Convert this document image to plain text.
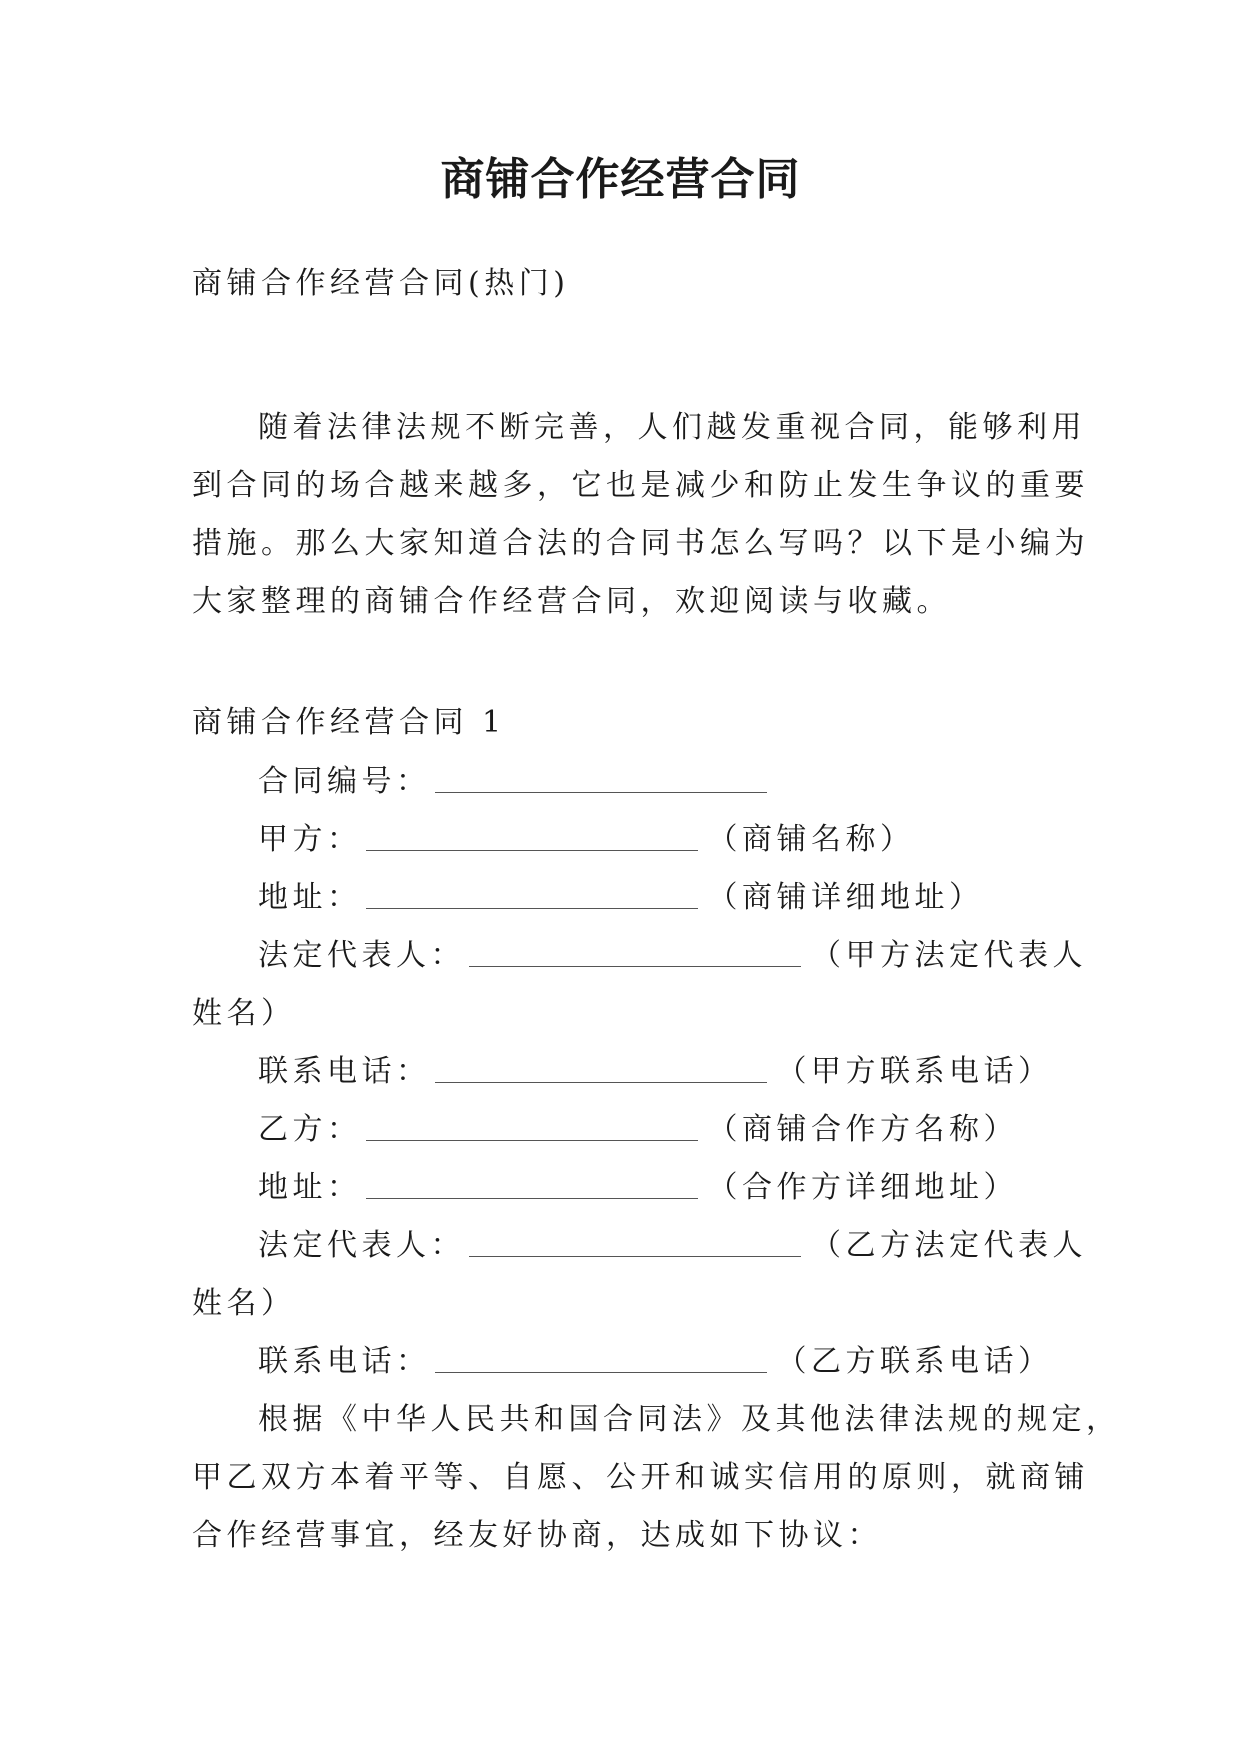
商铺合作经营合同
商铺合作经营合同(热门)
随着法律法规不断完善，人们越发重视合同，能够利用
到合同的场合越来越多，它也是减少和防止发生争议的重要
措施。那么大家知道合法的合同书怎么写吗？以下是小编为
大家整理的商铺合作经营合同，欢迎阅读与收藏。
商铺合作经营合同 1
合同编号：
甲方：	（商铺名称）
地址：	（商铺详细地址）
法定代表人：	（甲方法定代表人
姓名）
联系电话：	（甲方联系电话）
乙方：	（商铺合作方名称）
地址：	（合作方详细地址）
法定代表人：	（乙方法定代表人
姓名）
联系电话：	（乙方联系电话）
根据《中华人民共和国合同法》及其他法律法规的规定，
甲乙双方本着平等、自愿、公开和诚实信用的原则，就商铺
合作经营事宜，经友好协商，达成如下协议：
